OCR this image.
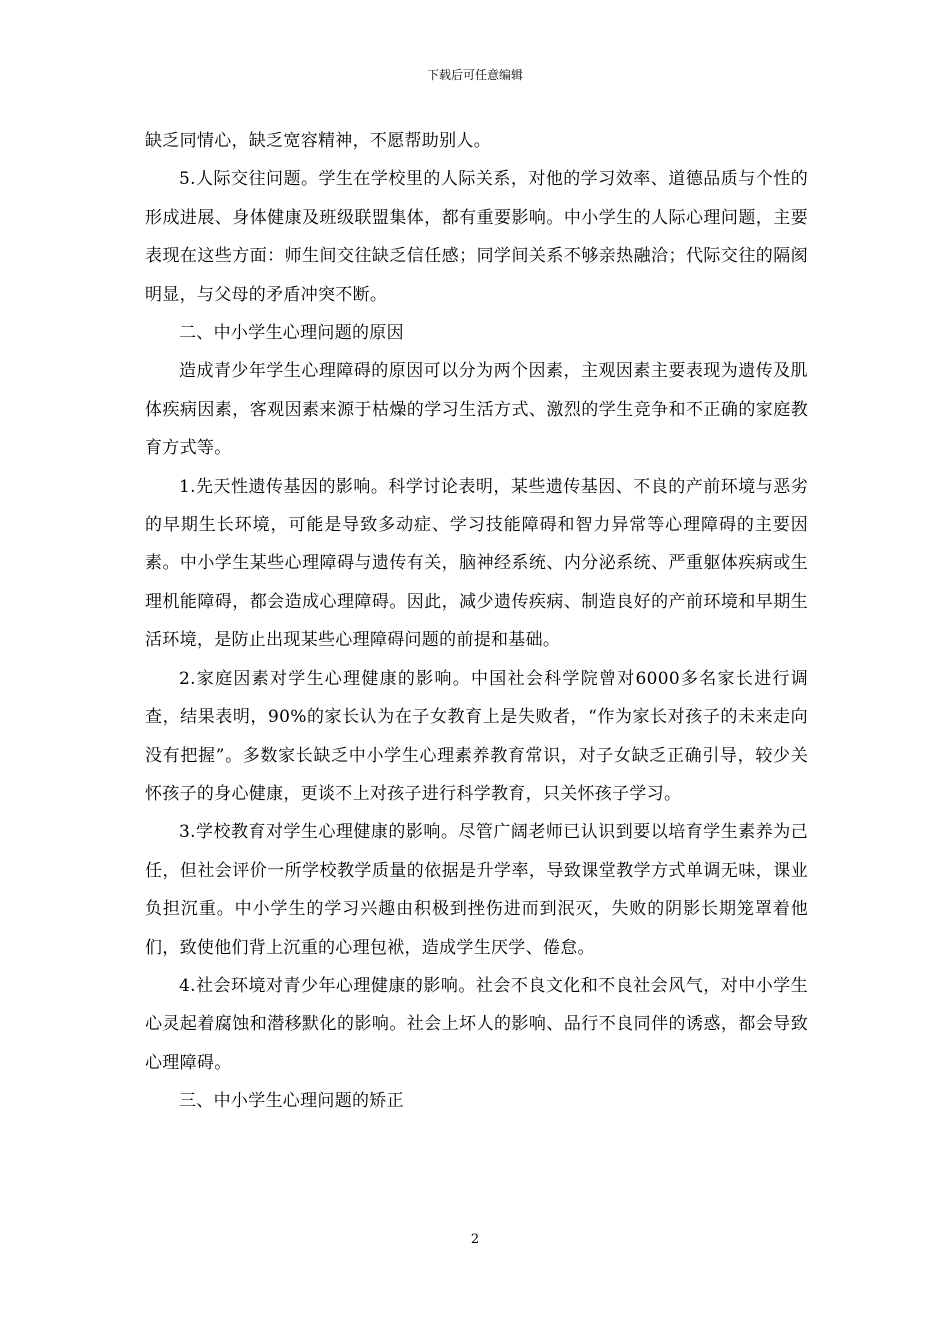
下载后可任意编辑

缺乏同情心，缺乏宽容精神，不愿帮助别人。

5.人际交往问题。学生在学校里的人际关系，对他的学习效率、道德品质与个性的形成进展、身体健康及班级联盟集体，都有重要影响。中小学生的人际心理问题，主要表现在这些方面：师生间交往缺乏信任感；同学间关系不够亲热融洽；代际交往的隔阂明显，与父母的矛盾冲突不断。

二、中小学生心理问题的原因

造成青少年学生心理障碍的原因可以分为两个因素，主观因素主要表现为遗传及肌体疾病因素，客观因素来源于枯燥的学习生活方式、激烈的学生竞争和不正确的家庭教育方式等。

1.先天性遗传基因的影响。科学讨论表明，某些遗传基因、不良的产前环境与恶劣的早期生长环境，可能是导致多动症、学习技能障碍和智力异常等心理障碍的主要因素。中小学生某些心理障碍与遗传有关，脑神经系统、内分泌系统、严重躯体疾病或生理机能障碍，都会造成心理障碍。因此，减少遗传疾病、制造良好的产前环境和早期生活环境，是防止出现某些心理障碍问题的前提和基础。

2.家庭因素对学生心理健康的影响。中国社会科学院曾对6000多名家长进行调查，结果表明，90%的家长认为在子女教育上是失败者，“作为家长对孩子的未来走向没有把握”。多数家长缺乏中小学生心理素养教育常识，对子女缺乏正确引导，较少关怀孩子的身心健康，更谈不上对孩子进行科学教育，只关怀孩子学习。

3.学校教育对学生心理健康的影响。尽管广阔老师已认识到要以培育学生素养为己任，但社会评价一所学校教学质量的依据是升学率，导致课堂教学方式单调无味，课业负担沉重。中小学生的学习兴趣由积极到挫伤进而到泯灭，失败的阴影长期笼罩着他们，致使他们背上沉重的心理包袱，造成学生厌学、倦怠。

4.社会环境对青少年心理健康的影响。社会不良文化和不良社会风气，对中小学生心灵起着腐蚀和潜移默化的影响。社会上坏人的影响、品行不良同伴的诱惑，都会导致心理障碍。

三、中小学生心理问题的矫正

2
